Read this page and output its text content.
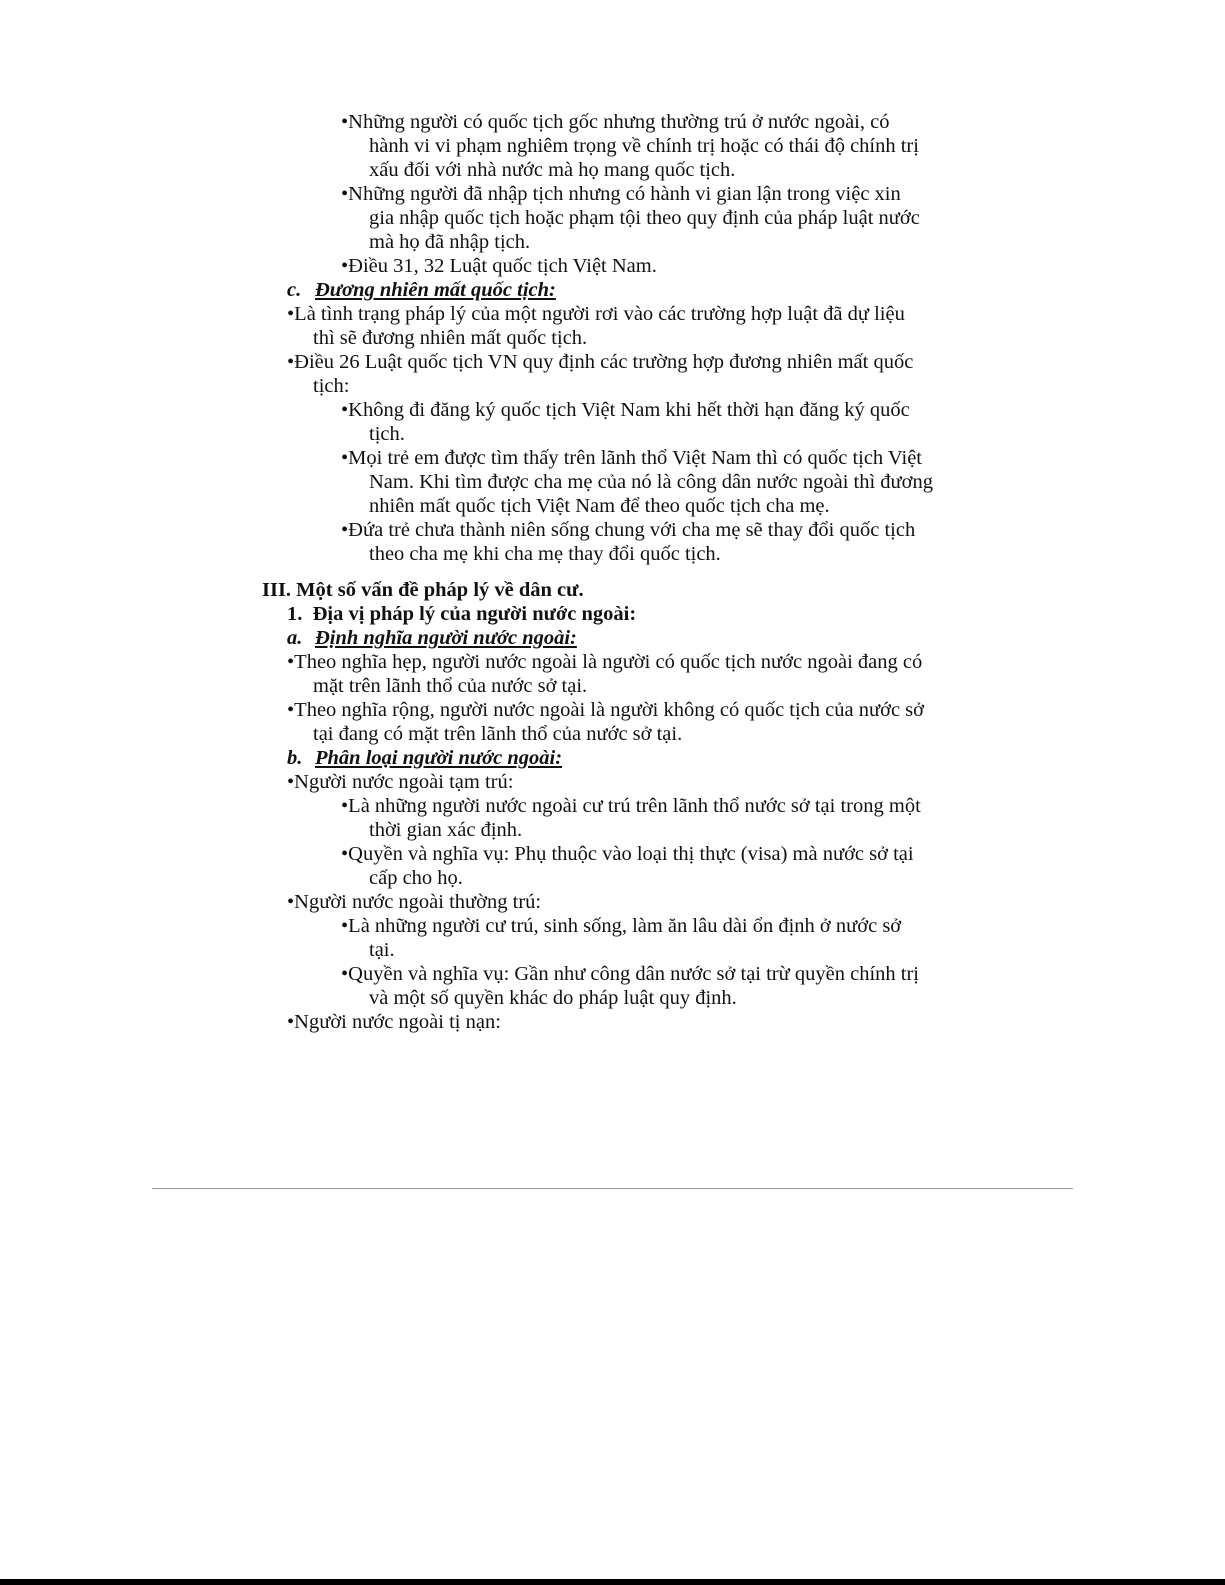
•Những người có quốc tịch gốc nhưng thường trú ở nước ngoài, có
hành vi vi phạm nghiêm trọng về chính trị hoặc có thái độ chính trị
xấu đối với nhà nước mà họ mang quốc tịch.
•Những người đã nhập tịch nhưng có hành vi gian lận trong việc xin
gia nhập quốc tịch hoặc phạm tội theo quy định của pháp luật nước
mà họ đã nhập tịch.
•Điều 31, 32 Luật quốc tịch Việt Nam.
c. Đương nhiên mất quốc tịch:
•Là tình trạng pháp lý của một người rơi vào các trường hợp luật đã dự liệu
thì sẽ đương nhiên mất quốc tịch.
•Điều 26 Luật quốc tịch VN quy định các trường hợp đương nhiên mất quốc
tịch:
•Không đi đăng ký quốc tịch Việt Nam khi hết thời hạn đăng ký quốc
tịch.
•Mọi trẻ em được tìm thấy trên lãnh thổ Việt Nam thì có quốc tịch Việt
Nam. Khi tìm được cha mẹ của nó là công dân nước ngoài thì đương
nhiên mất quốc tịch Việt Nam để theo quốc tịch cha mẹ.
•Đứa trẻ chưa thành niên sống chung với cha mẹ sẽ thay đổi quốc tịch
theo cha mẹ khi cha mẹ thay đổi quốc tịch.
III. Một số vấn đề pháp lý về dân cư.
1. Địa vị pháp lý của người nước ngoài:
a. Định nghĩa người nước ngoài:
•Theo nghĩa hẹp, người nước ngoài là người có quốc tịch nước ngoài đang có
mặt trên lãnh thổ của nước sở tại.
•Theo nghĩa rộng, người nước ngoài là người không có quốc tịch của nước sở
tại đang có mặt trên lãnh thổ của nước sở tại.
b. Phân loại người nước ngoài:
•Người nước ngoài tạm trú:
•Là những người nước ngoài cư trú trên lãnh thổ nước sở tại trong một
thời gian xác định.
•Quyền và nghĩa vụ: Phụ thuộc vào loại thị thực (visa) mà nước sở tại
cấp cho họ.
•Người nước ngoài thường trú:
•Là những người cư trú, sinh sống, làm ăn lâu dài ổn định ở nước sở
tại.
•Quyền và nghĩa vụ: Gần như công dân nước sở tại trừ quyền chính trị
và một số quyền khác do pháp luật quy định.
•Người nước ngoài tị nạn:
